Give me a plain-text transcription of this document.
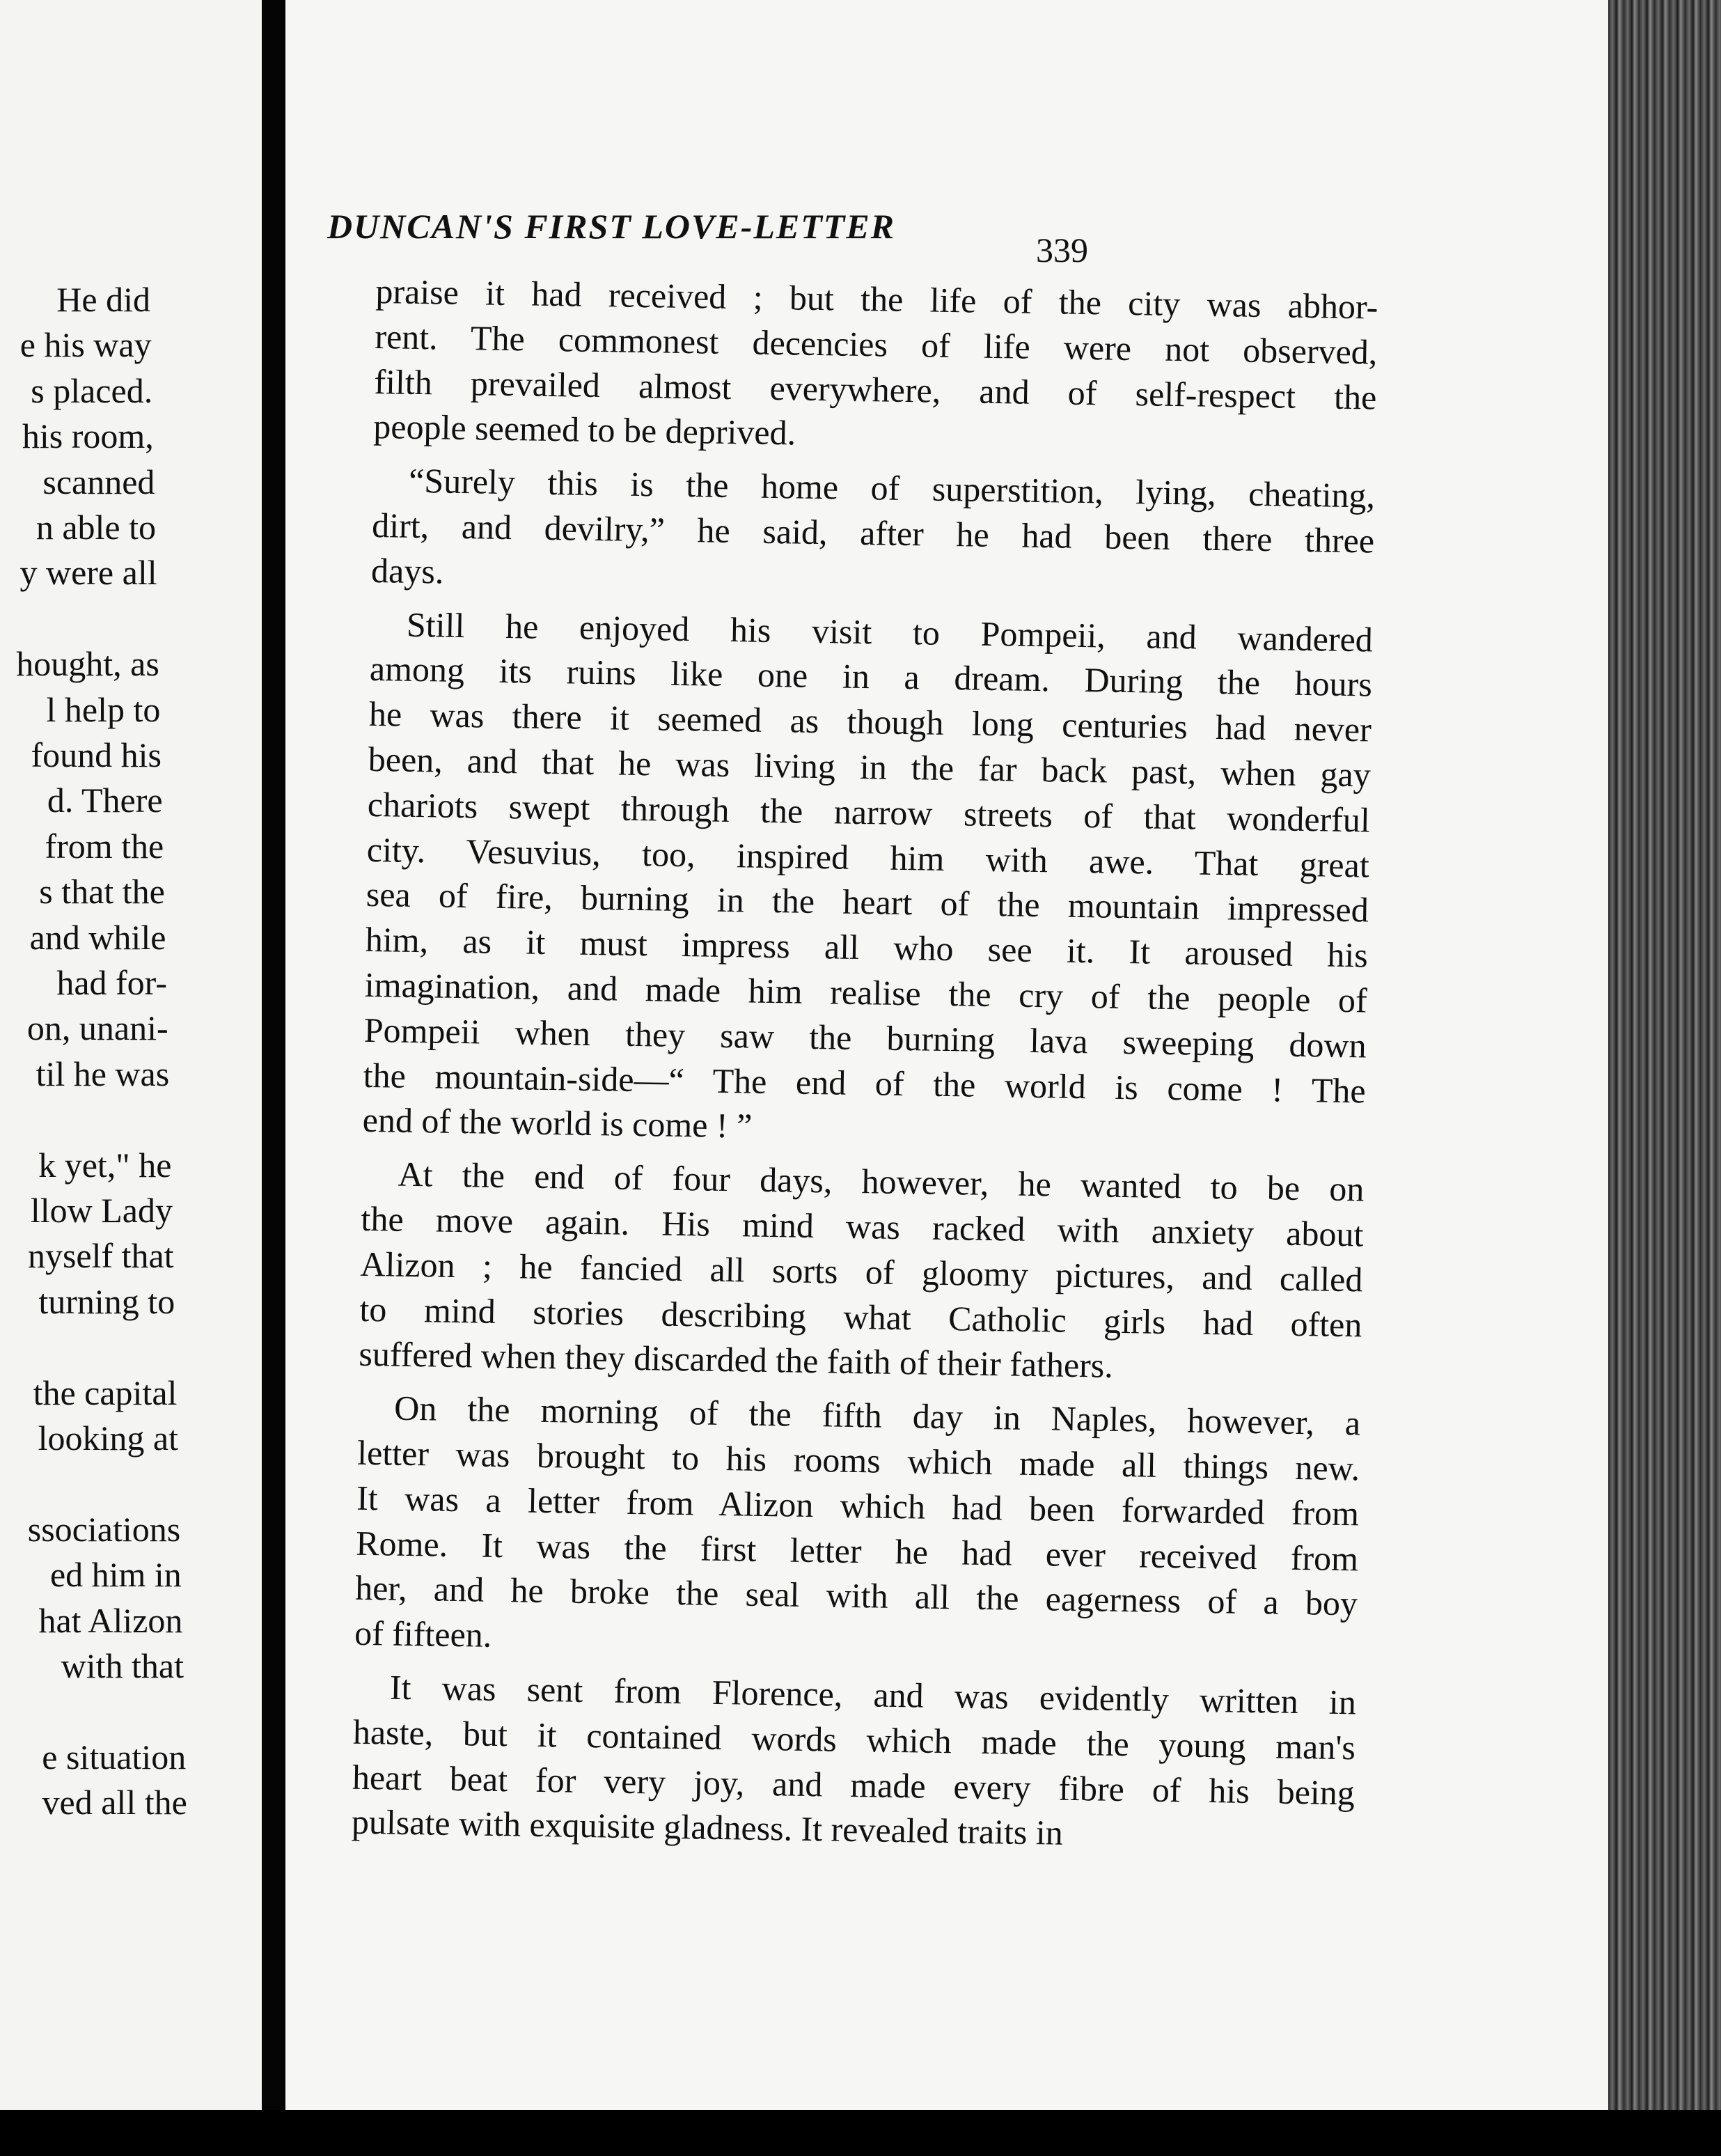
He did
e his way
s placed.
his room,
scanned
n able to
y were all
hought, as
l help to
found his
d. There
from the
s that the
and while
had for-
on, unani-
til he was
k yet," he
llow Lady
nyself that
turning to
the capital
looking at
ssociations
ed him in
hat Alizon
with that
e situation
ved all the
praise it had received ; but the life of the city was abhor-
rent. The commonest decencies of life were not observed,
filth prevailed almost everywhere, and of self-respect the
people seemed to be deprived.
“Surely this is the home of superstition, lying, cheating,
dirt, and devilry,” he said, after he had been there three
days.
Still he enjoyed his visit to Pompeii, and wandered
among its ruins like one in a dream. During the hours
he was there it seemed as though long centuries had never
been, and that he was living in the far back past, when gay
chariots swept through the narrow streets of that wonderful
city. Vesuvius, too, inspired him with awe. That great
sea of fire, burning in the heart of the mountain impressed
him, as it must impress all who see it. It aroused his
imagination, and made him realise the cry of the people of
Pompeii when they saw the burning lava sweeping down
the mountain-side—“ The end of the world is come ! The
end of the world is come ! ”
At the end of four days, however, he wanted to be on
the move again. His mind was racked with anxiety about
Alizon ; he fancied all sorts of gloomy pictures, and called
to mind stories describing what Catholic girls had often
suffered when they discarded the faith of their fathers.
On the morning of the fifth day in Naples, however, a
letter was brought to his rooms which made all things new.
It was a letter from Alizon which had been forwarded from
Rome. It was the first letter he had ever received from
her, and he broke the seal with all the eagerness of a boy
of fifteen.
It was sent from Florence, and was evidently written in
haste, but it contained words which made the young man's
heart beat for very joy, and made every fibre of his being
pulsate with exquisite gladness. It revealed traits in
DUNCAN'S FIRST LOVE-LETTER
339
